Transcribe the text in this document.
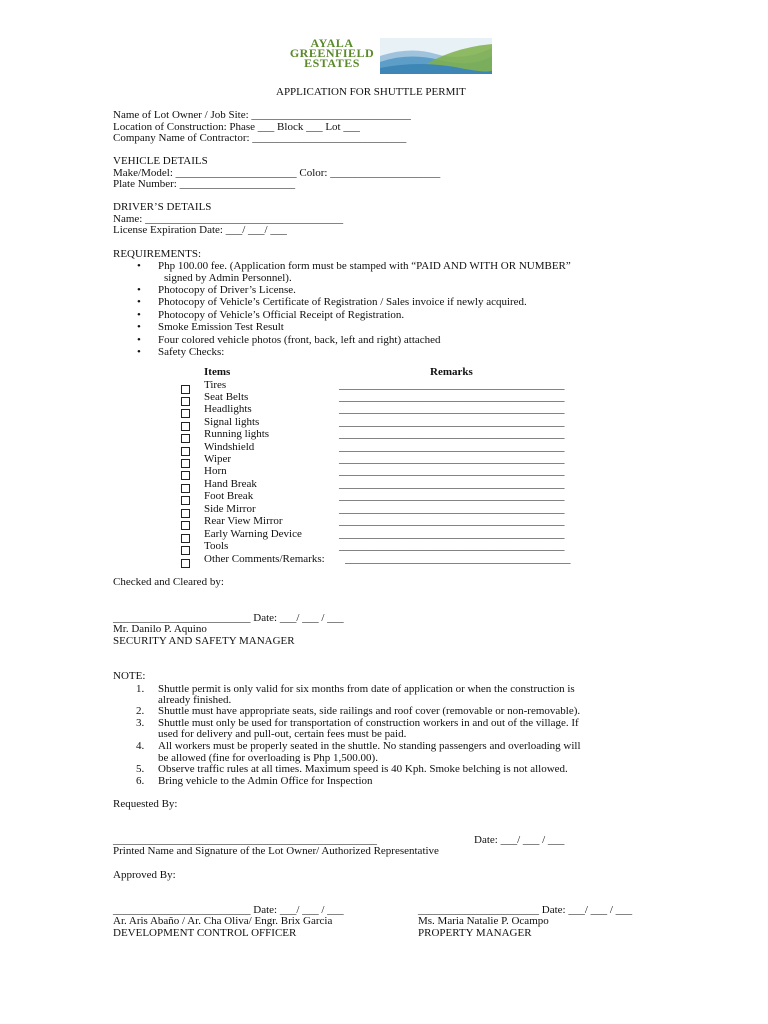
AYALA
GREENFIELD
ESTATES
APPLICATION FOR SHUTTLE PERMIT
Name of Lot Owner / Job Site: _____________________________
Location of Construction: Phase ___ Block ___ Lot ___
Company Name of Contractor: ____________________________
VEHICLE DETAILS
Make/Model: ______________________ Color: ____________________
Plate Number: _____________________
DRIVER’S DETAILS
Name: ____________________________________
License Expiration Date: ___/ ___/ ___
REQUIREMENTS:
• Php 100.00 fee. (Application form must be stamped with “PAID AND WITH OR NUMBER”
signed by Admin Personnel).
• Photocopy of Driver’s License.
• Photocopy of Vehicle’s Certificate of Registration / Sales invoice if newly acquired.
• Photocopy of Vehicle’s Official Receipt of Registration.
• Smoke Emission Test Result
• Four colored vehicle photos (front, back, left and right) attached
• Safety Checks:
Items	Remarks
Tires	_________________________________________
Seat Belts	_________________________________________
Headlights	_________________________________________
Signal lights	_________________________________________
Running lights	_________________________________________
Windshield	_________________________________________
Wiper	_________________________________________
Horn	_________________________________________
Hand Break	_________________________________________
Foot Break	_________________________________________
Side Mirror	_________________________________________
Rear View Mirror	_________________________________________
Early Warning Device	_________________________________________
Tools	_________________________________________
Other Comments/Remarks: _________________________________________
Checked and Cleared by:
_________________________ Date: ___/ ___ / ___
Mr. Danilo P. Aquino
SECURITY AND SAFETY MANAGER
NOTE:
1. Shuttle permit is only valid for six months from date of application or when the construction is
already finished.
2. Shuttle must have appropriate seats, side railings and roof cover (removable or non-removable).
3. Shuttle must only be used for transportation of construction workers in and out of the village. If
used for delivery and pull-out, certain fees must be paid.
4. All workers must be properly seated in the shuttle. No standing passengers and overloading will
be allowed (fine for overloading is Php 1,500.00).
5. Observe traffic rules at all times. Maximum speed is 40 Kph. Smoke belching is not allowed.
6. Bring vehicle to the Admin Office for Inspection
Requested By:
________________________________________________	Date: ___/ ___ / ___
Printed Name and Signature of the Lot Owner/ Authorized Representative
Approved By:
_________________________ Date: ___/ ___ / ___
Ar. Aris Abaño / Ar. Cha Oliva/ Engr. Brix Garcia
DEVELOPMENT CONTROL OFFICER
______________________ Date: ___/ ___ / ___
Ms. Maria Natalie P. Ocampo
PROPERTY MANAGER
